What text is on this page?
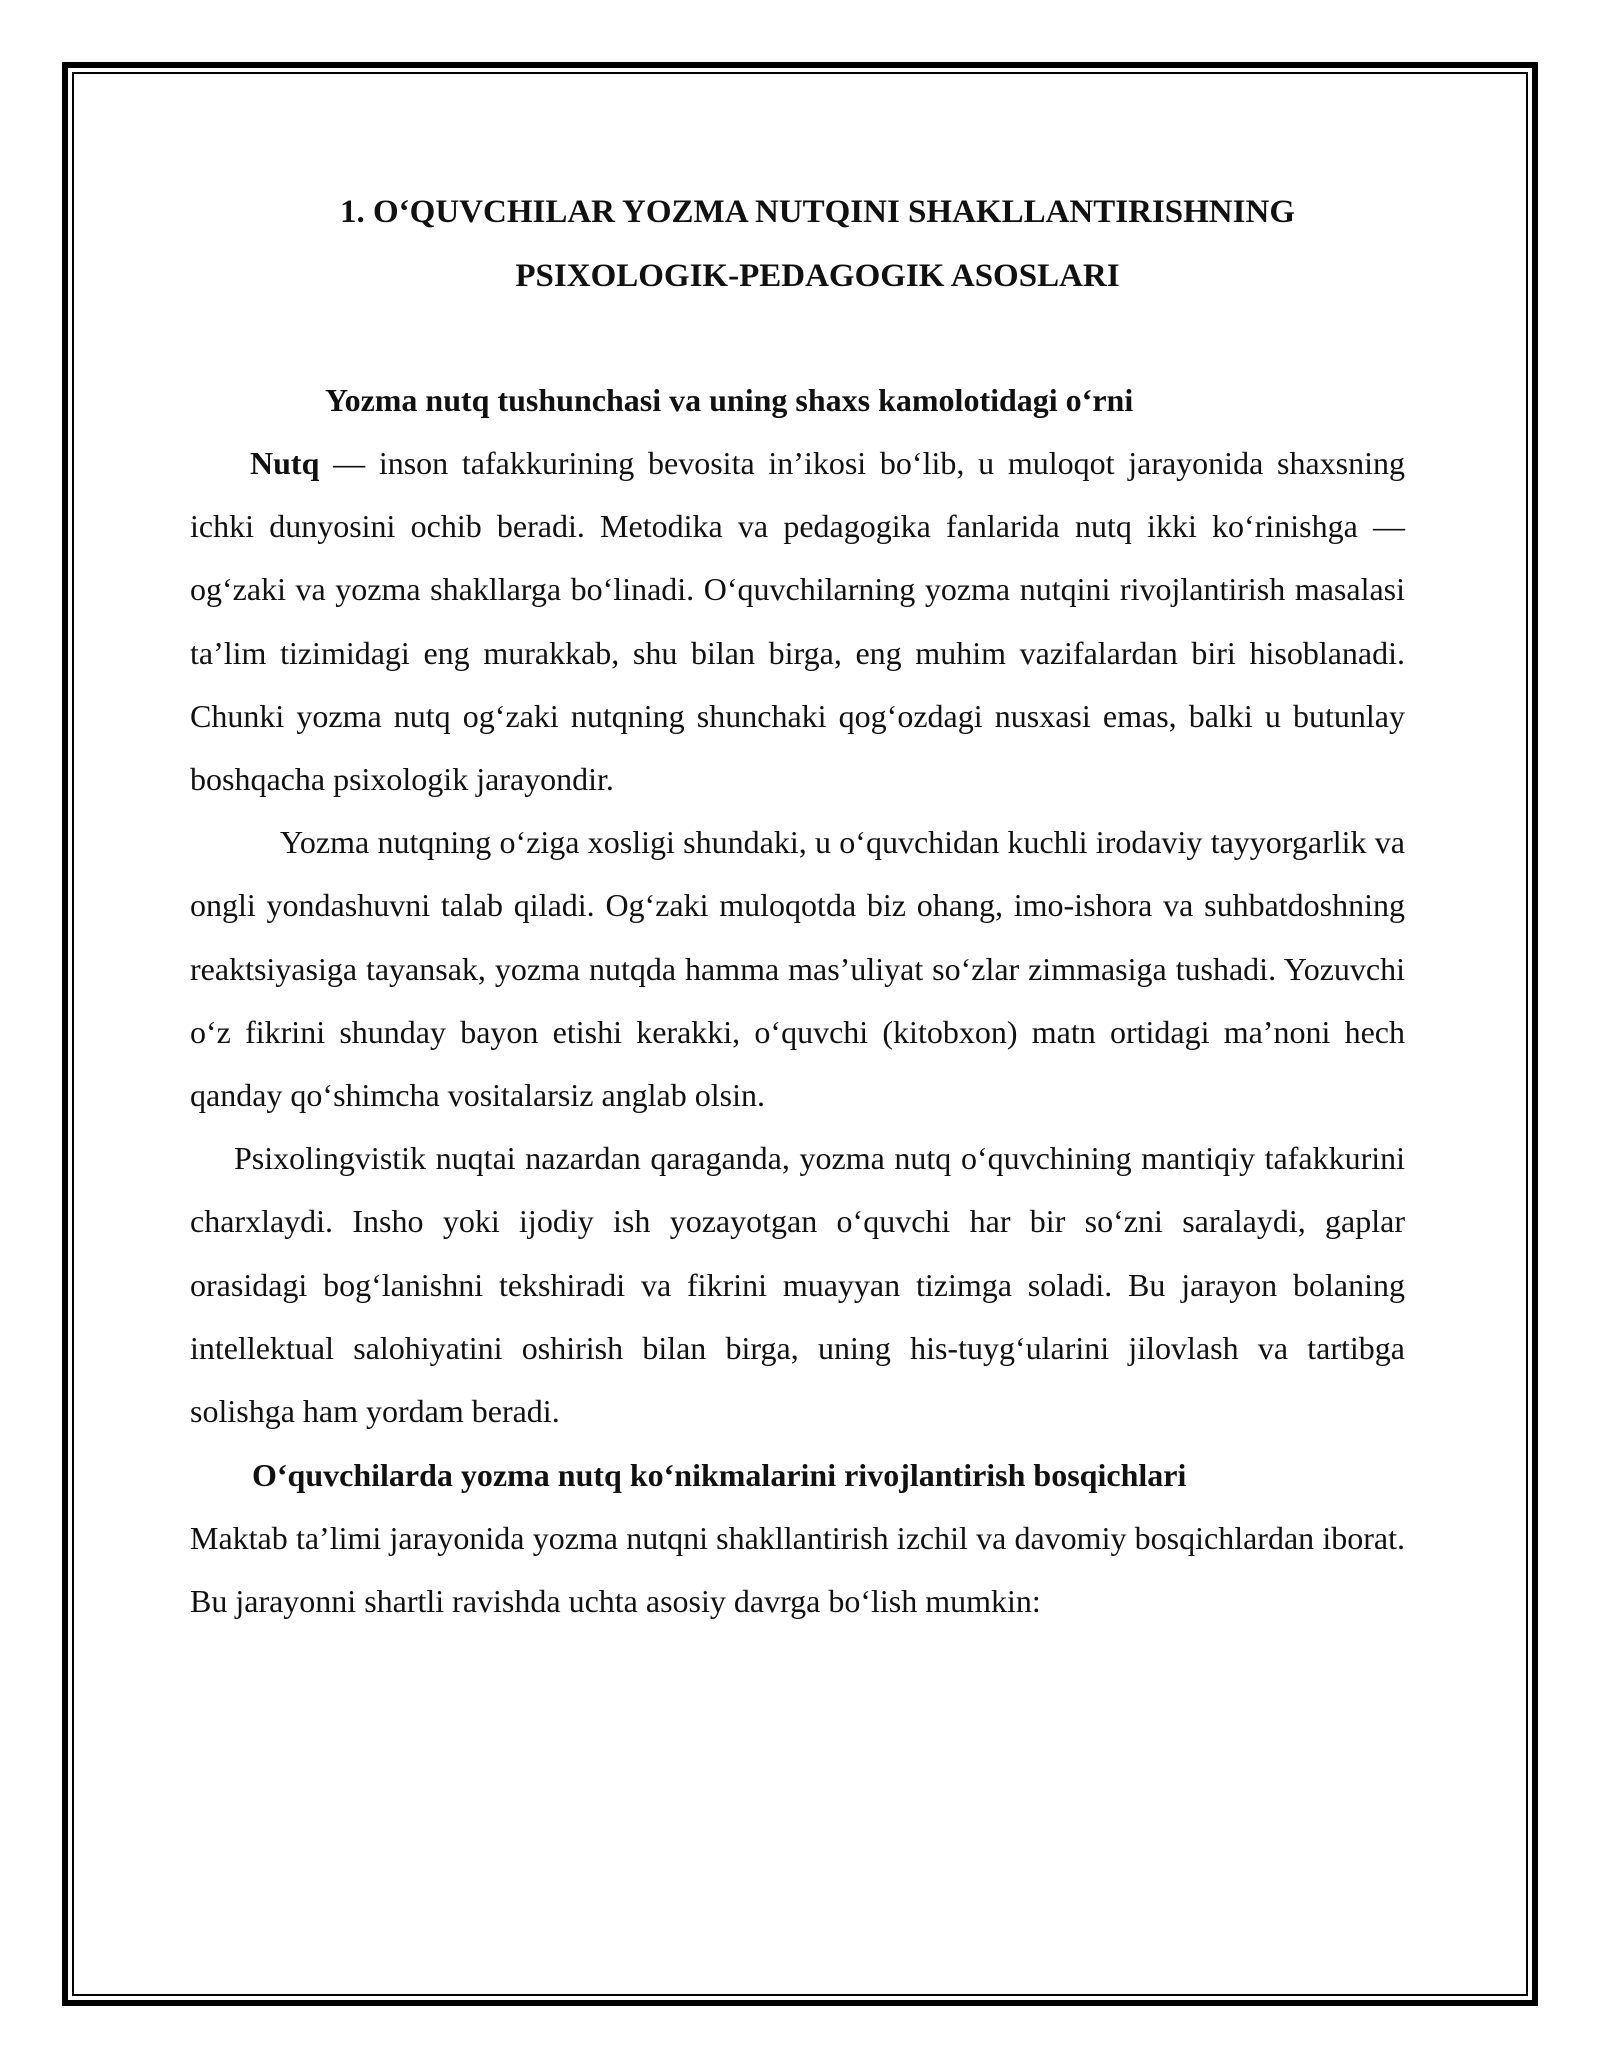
1. O‘QUVCHILAR YOZMA NUTQINI SHAKLLANTIRISHNING
PSIXOLOGIK-PEDAGOGIK ASOSLARI
Yozma nutq tushunchasi va uning shaxs kamolotidagi o‘rni

Nutq — inson tafakkurining bevosita in’ikosi bo‘lib, u muloqot jarayonida shaxsning ichki dunyosini ochib beradi. Metodika va pedagogika fanlarida nutq ikki ko‘rinishga — og‘zaki va yozma shakllarga bo‘linadi. O‘quvchilarning yozma nutqini rivojlantirish masalasi ta’lim tizimidagi eng murakkab, shu bilan birga, eng muhim vazifalardan biri hisoblanadi. Chunki yozma nutq og‘zaki nutqning shunchaki qog‘ozdagi nusxasi emas, balki u butunlay boshqacha psixologik jarayondir.

Yozma nutqning o‘ziga xosligi shundaki, u o‘quvchidan kuchli irodaviy tayyorgarlik va ongli yondashuvni talab qiladi. Og‘zaki muloqotda biz ohang, imo-ishora va suhbatdoshning reaktsiyasiga tayansak, yozma nutqda hamma mas’uliyat so‘zlar zimmasiga tushadi. Yozuvchi o‘z fikrini shunday bayon etishi kerakki, o‘quvchi (kitobxon) matn ortidagi ma’noni hech qanday qo‘shimcha vositalarsiz anglab olsin.

Psixolingvistik nuqtai nazardan qaraganda, yozma nutq o‘quvchining mantiqiy tafakkurini charxlaydi. Insho yoki ijodiy ish yozayotgan o‘quvchi har bir so‘zni saralaydi, gaplar orasidagi bog‘lanishni tekshiradi va fikrini muayyan tizimga soladi. Bu jarayon bolaning intellektual salohiyatini oshirish bilan birga, uning his-tuyg‘ularini jilovlash va tartibga solishga ham yordam beradi.

O‘quvchilarda yozma nutq ko‘nikmalarini rivojlantirish bosqichlari

Maktab ta’limi jarayonida yozma nutqni shakllantirish izchil va davomiy bosqichlardan iborat. Bu jarayonni shartli ravishda uchta asosiy davrga bo‘lish mumkin:
